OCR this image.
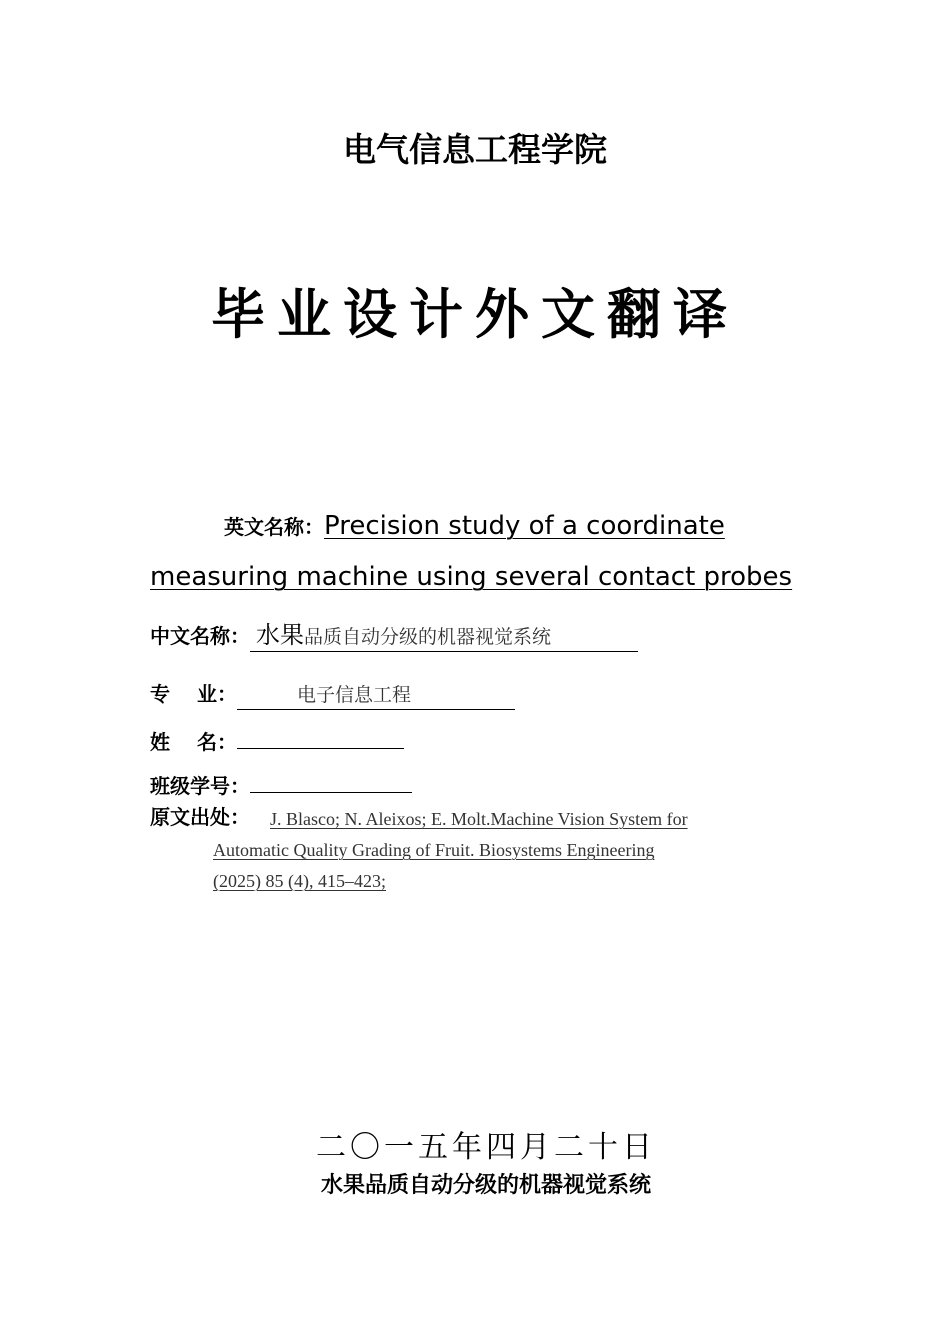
电气信息工程学院
毕业设计外文翻译
英文名称：Precision study of a coordinate measuring machine using several contact probes
中文名称： 水果品质自动分级的机器视觉系统
专　 业：	电子信息工程
姓　 名：
班级学号：
原文出处： J. Blasco; N. Aleixos; E. Molt.Machine Vision System for
Automatic Quality Grading of Fruit. Biosystems Engineering
(2025) 85 (4), 415–423;
二〇一五年四月二十日
水果品质自动分级的机器视觉系统
